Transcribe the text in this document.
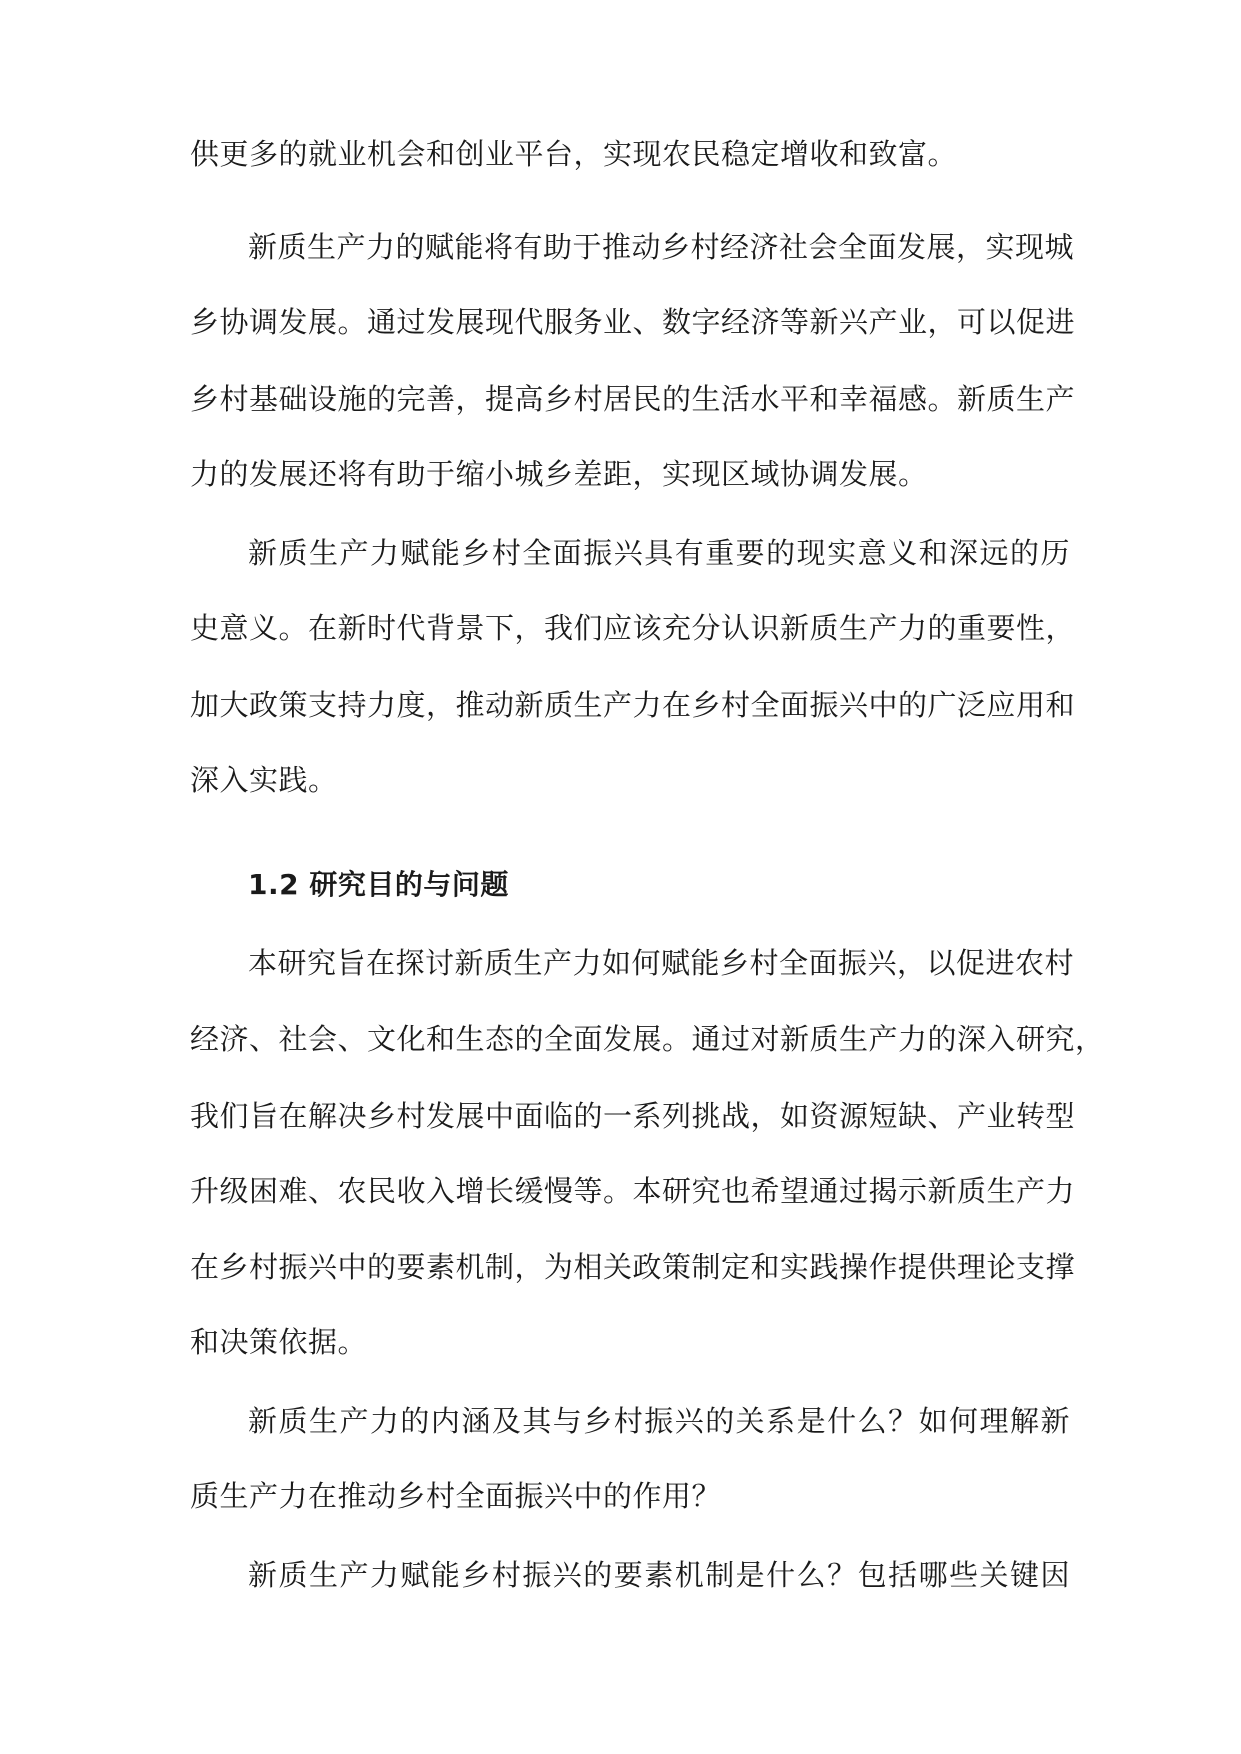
供更多的就业机会和创业平台，实现农民稳定增收和致富。
新质生产力的赋能将有助于推动乡村经济社会全面发展，实现城
乡协调发展。通过发展现代服务业、数字经济等新兴产业，可以促进
乡村基础设施的完善，提高乡村居民的生活水平和幸福感。新质生产
力的发展还将有助于缩小城乡差距，实现区域协调发展。
新质生产力赋能乡村全面振兴具有重要的现实意义和深远的历
史意义。在新时代背景下，我们应该充分认识新质生产力的重要性，
加大政策支持力度，推动新质生产力在乡村全面振兴中的广泛应用和
深入实践。
1.2 研究目的与问题
本研究旨在探讨新质生产力如何赋能乡村全面振兴，以促进农村
经济、社会、文化和生态的全面发展。通过对新质生产力的深入研究，
我们旨在解决乡村发展中面临的一系列挑战，如资源短缺、产业转型
升级困难、农民收入增长缓慢等。本研究也希望通过揭示新质生产力
在乡村振兴中的要素机制，为相关政策制定和实践操作提供理论支撑
和决策依据。
新质生产力的内涵及其与乡村振兴的关系是什么？如何理解新
质生产力在推动乡村全面振兴中的作用？
新质生产力赋能乡村振兴的要素机制是什么？包括哪些关键因
